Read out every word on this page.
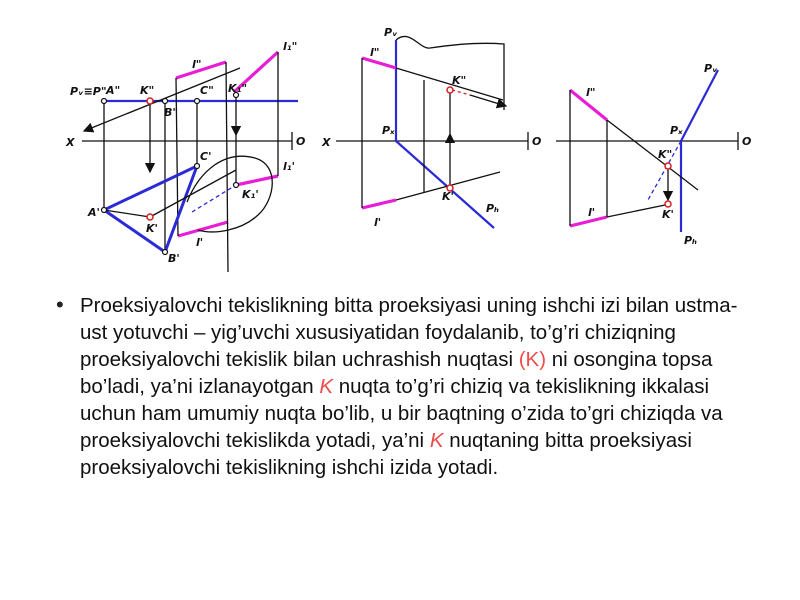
Pᵥ≡P" A" K"
B"
C" K₁"
l"
l₁"
X	O
C'
A'
K'
B'
K₁'
l₁'
l'
Pᵥ
l"
K"
Pₓ
X	O
K'
Pₕ
l'
Pᵥ
l"
Pₓ
O
K"
l'	K'
Pₕ
• Proeksiyalovchi tekislikning bitta proeksiyasi uning ishchi izi bilan ustma-ust yotuvchi – yig’uvchi xususiyatidan foydalanib, to’g’ri chiziqning proeksiyalovchi tekislik bilan uchrashish nuqtasi (K) ni osongina topsa bo’ladi, ya’ni izlanayotgan K nuqta to’g’ri chiziq va tekislikning ikkalasi uchun ham umumiy nuqta bo’lib, u bir baqtning o’zida to’gri chiziqda va proeksiyalovchi tekislikda yotadi, ya’ni K nuqtaning bitta proeksiyasi proeksiyalovchi tekislikning ishchi izida yotadi.
